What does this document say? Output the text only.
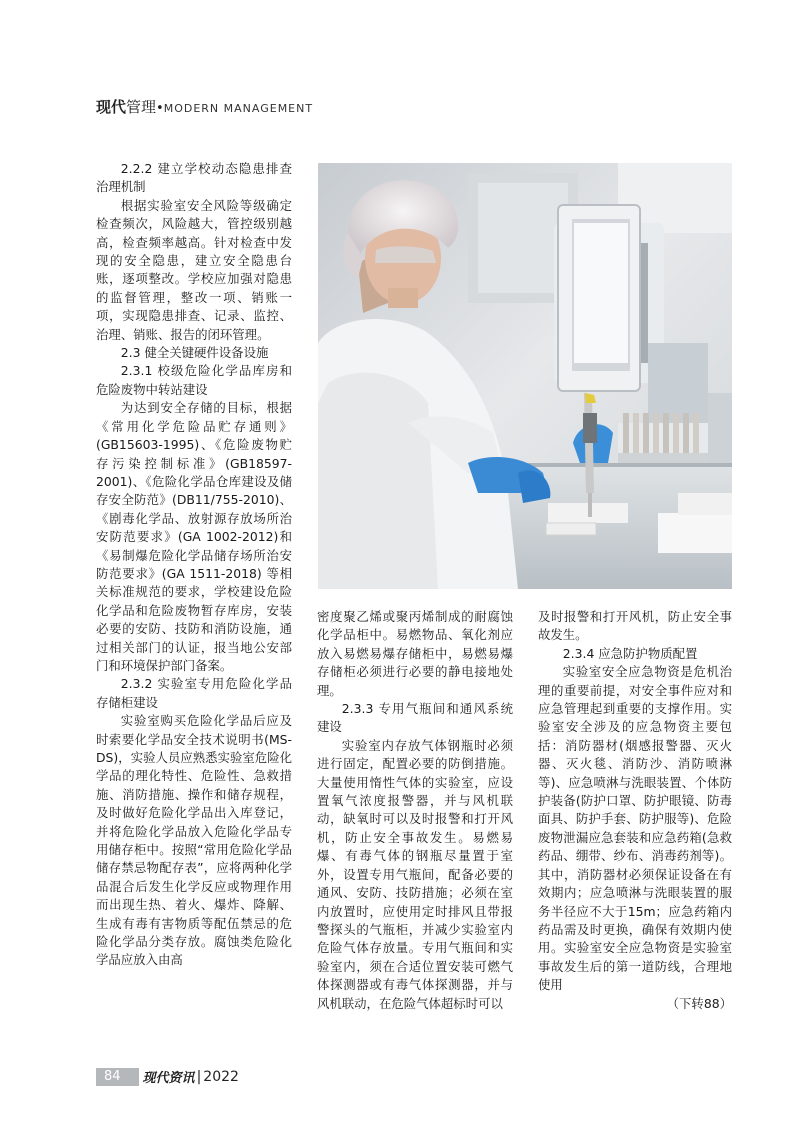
现代管理•MODERN MANAGEMENT

2.2.2 建立学校动态隐患排查治理机制

根据实验室安全风险等级确定检查频次，风险越大，管控级别越高，检查频率越高。针对检查中发现的安全隐患，建立安全隐患台账，逐项整改。学校应加强对隐患的监督管理，整改一项、销账一项，实现隐患排查、记录、监控、治理、销账、报告的闭环管理。

2.3 健全关键硬件设备设施

2.3.1 校级危险化学品库房和危险废物中转站建设

为达到安全存储的目标，根据《常用化学危险品贮存通则》(GB15603-1995)、《危险废物贮存污染控制标准》(GB18597-2001)、《危险化学品仓库建设及储存安全防范》(DB11/755-2010)、《剧毒化学品、放射源存放场所治安防范要求》(GA 1002-2012)和《易制爆危险化学品储存场所治安防范要求》(GA 1511-2018) 等相关标准规范的要求，学校建设危险化学品和危险废物暂存库房，安装必要的安防、技防和消防设施，通过相关部门的认证，报当地公安部门和环境保护部门备案。

2.3.2 实验室专用危险化学品存储柜建设

实验室购买危险化学品后应及时索要化学品安全技术说明书(MS-DS)，实验人员应熟悉实验室危险化学品的理化特性、危险性、急救措施、消防措施、操作和储存规程，及时做好危险化学品出入库登记，并将危险化学品放入危险化学品专用储存柜中。按照“常用危险化学品储存禁忌物配存表”，应将两种化学品混合后发生化学反应或物理作用而出现生热、着火、爆炸、降解、生成有毒有害物质等配伍禁忌的危险化学品分类存放。腐蚀类危险化学品应放入由高

密度聚乙烯或聚丙烯制成的耐腐蚀化学品柜中。易燃物品、氧化剂应放入易燃易爆存储柜中，易燃易爆存储柜必须进行必要的静电接地处理。

2.3.3 专用气瓶间和通风系统建设

实验室内存放气体钢瓶时必须进行固定，配置必要的防倒措施。大量使用惰性气体的实验室，应设置氧气浓度报警器，并与风机联动，缺氧时可以及时报警和打开风机，防止安全事故发生。易燃易爆、有毒气体的钢瓶尽量置于室外，设置专用气瓶间，配备必要的通风、安防、技防措施；必须在室内放置时，应使用定时排风且带报警探头的气瓶柜，并减少实验室内危险气体存放量。专用气瓶间和实验室内，须在合适位置安装可燃气体探测器或有毒气体探测器，并与风机联动，在危险气体超标时可以

及时报警和打开风机，防止安全事故发生。

2.3.4 应急防护物质配置

实验室安全应急物资是危机治理的重要前提，对安全事件应对和应急管理起到重要的支撑作用。实验室安全涉及的应急物资主要包括：消防器材(烟感报警器、灭火器、灭火毯、消防沙、消防喷淋等)、应急喷淋与洗眼装置、个体防护装备(防护口罩、防护眼镜、防毒面具、防护手套、防护服等)、危险废物泄漏应急套装和应急药箱(急救药品、绷带、纱布、消毒药剂等)。其中，消防器材必须保证设备在有效期内；应急喷淋与洗眼装置的服务半径应不大于15m；应急药箱内药品需及时更换，确保有效期内使用。实验室安全应急物资是实验室事故发生后的第一道防线，合理地使用

（下转88）

84 现代资讯 | 2022
